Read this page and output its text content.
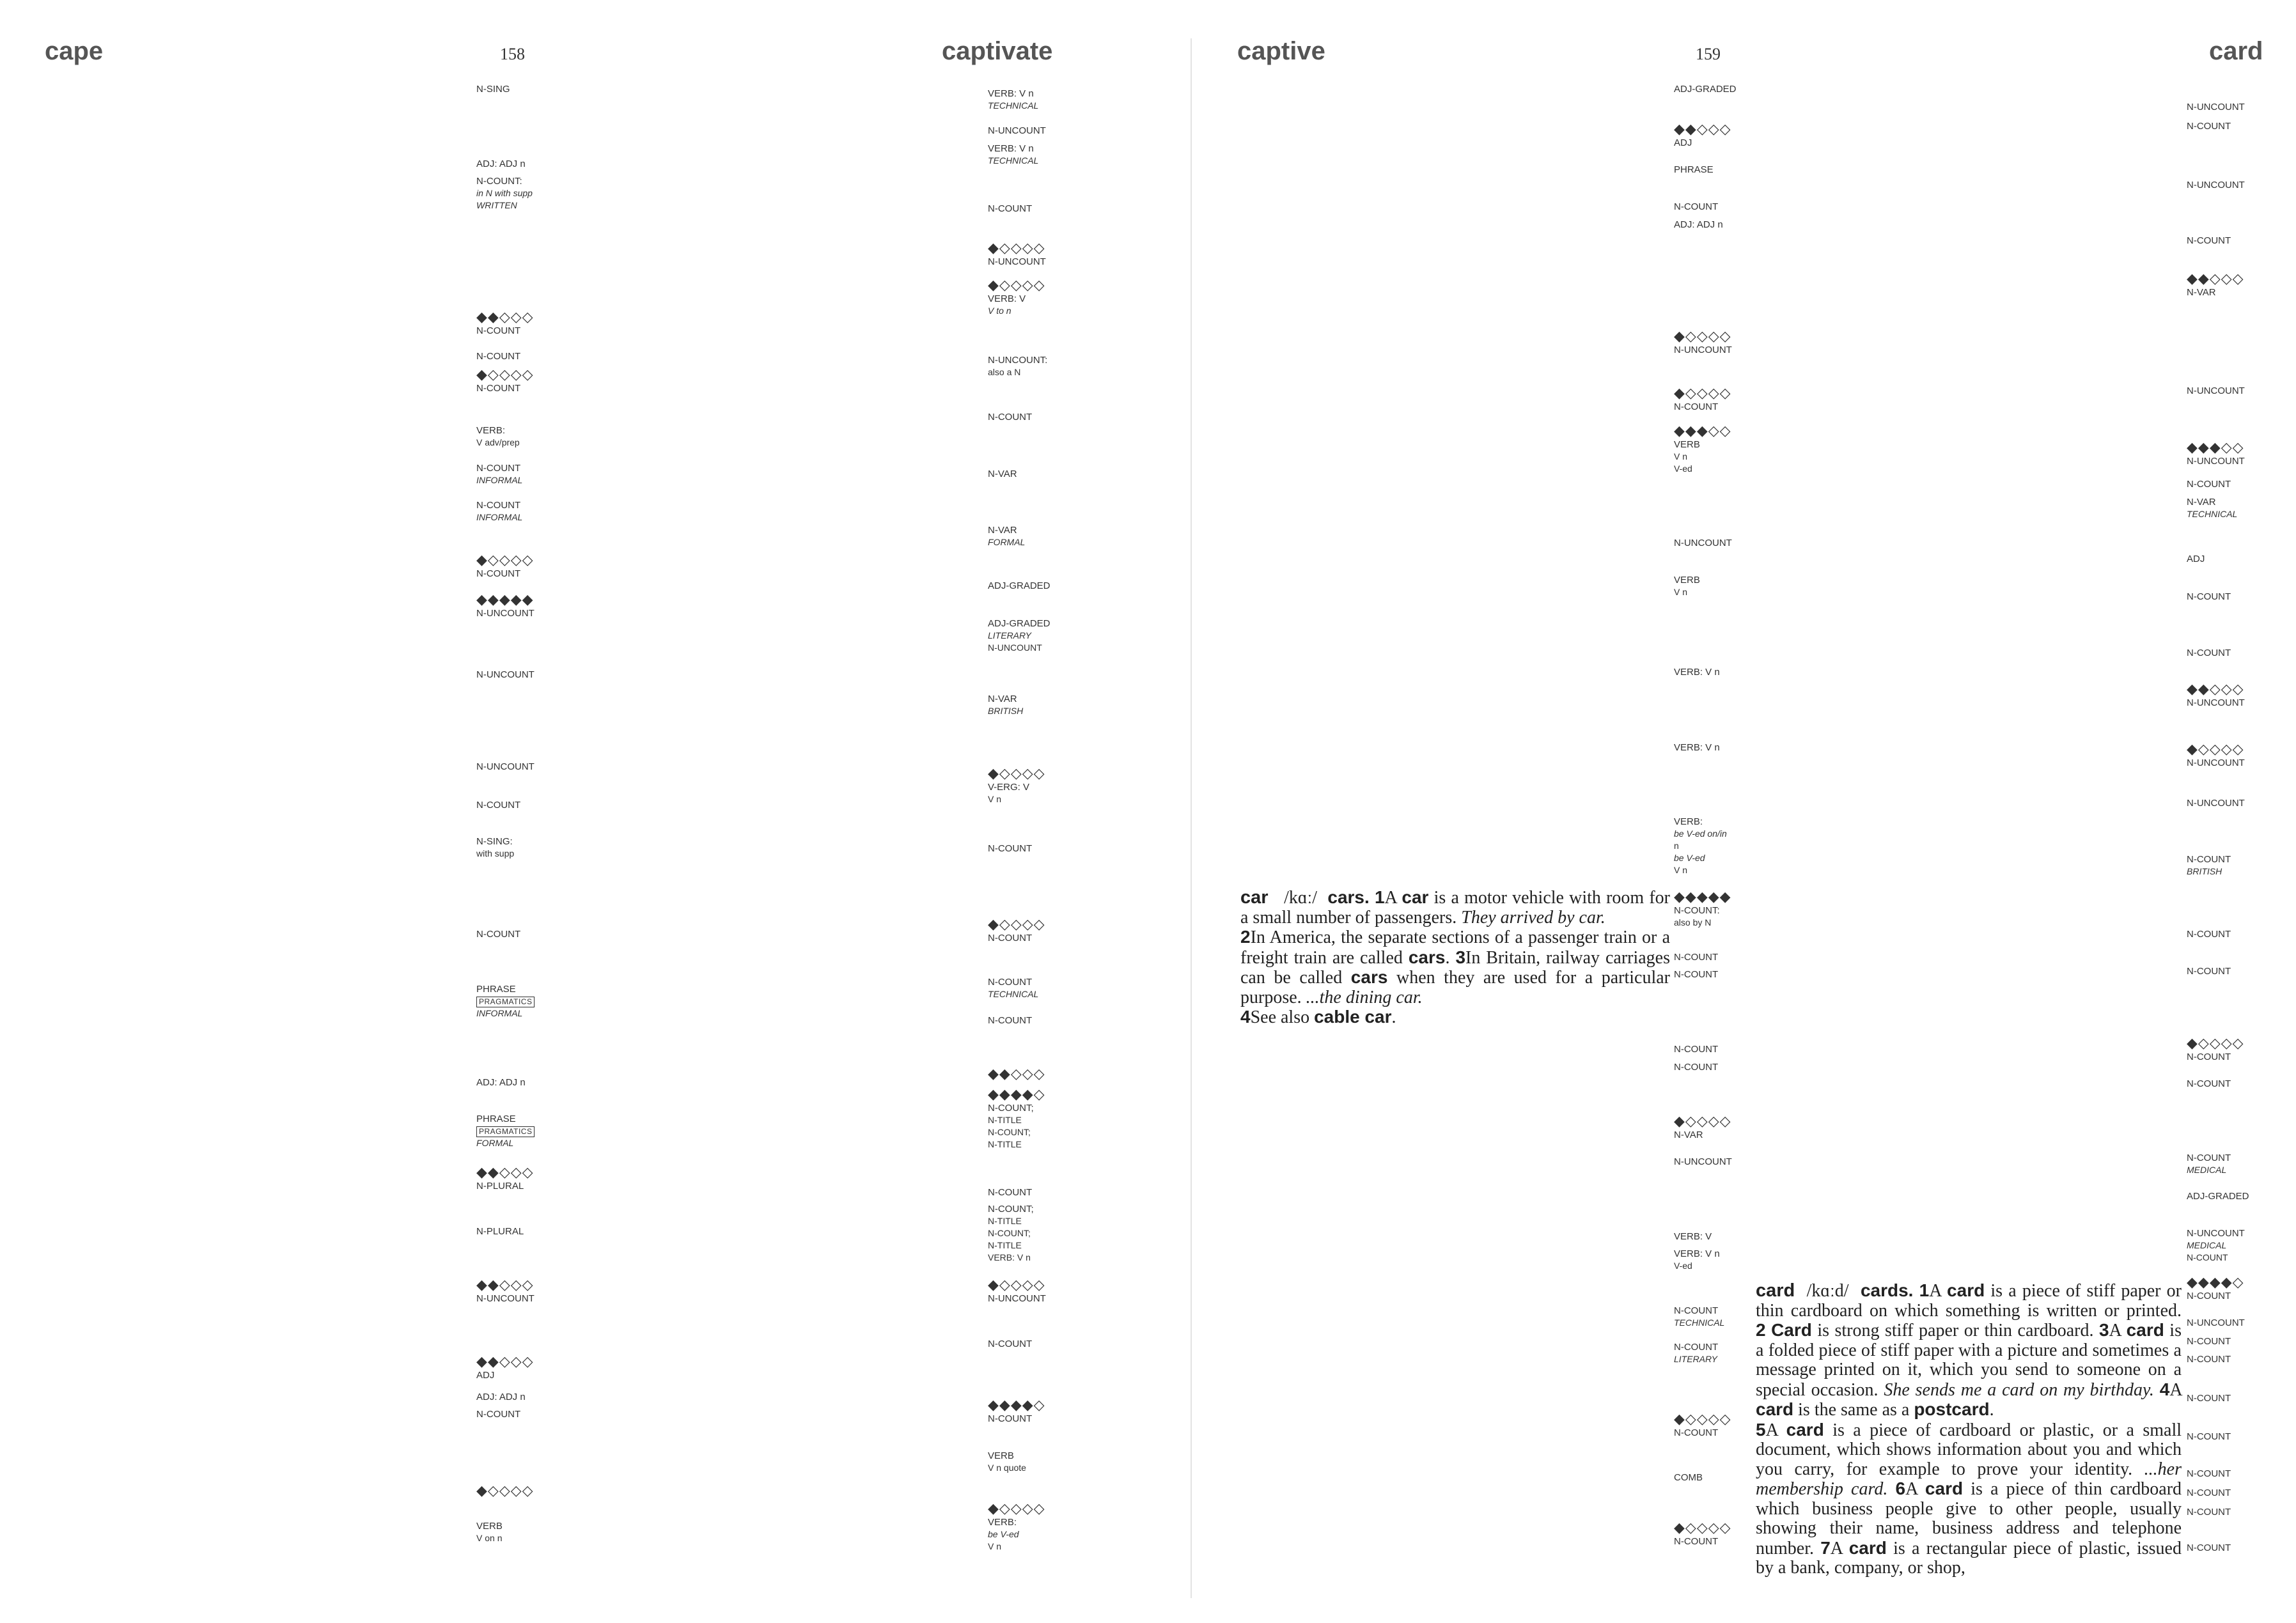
cape	158	captivate
N-SING
ADJ: ADJ n
N-COUNT:
in N with supp
WRITTEN
◆◆◇◇◇
N-COUNT
N-COUNT
◆◇◇◇◇
N-COUNT
VERB:
V adv/prep
N-COUNT
INFORMAL
N-COUNT
INFORMAL
◆◇◇◇◇
N-COUNT
◆◆◆◆◆
N-UNCOUNT
N-UNCOUNT
N-UNCOUNT
N-COUNT
N-SING:
with supp
N-COUNT
PHRASE
PRAGMATICS
INFORMAL
ADJ: ADJ n
PHRASE
PRAGMATICS
FORMAL
◆◆◇◇◇
N-PLURAL
N-PLURAL
◆◆◇◇◇
N-UNCOUNT
◆◆◇◇◇
ADJ
ADJ: ADJ n
N-COUNT
◆◇◇◇◇
VERB
V on n
VERB: V n
TECHNICAL
N-UNCOUNT
VERB: V n
TECHNICAL
N-COUNT
◆◇◇◇◇
N-UNCOUNT
◆◇◇◇◇
VERB: V
V to n
N-UNCOUNT:
also a N
N-COUNT
N-VAR
N-VAR
FORMAL
ADJ-GRADED
ADJ-GRADED
LITERARY
N-UNCOUNT
N-VAR
BRITISH
◆◇◇◇◇
V-ERG: V
V n
N-COUNT
◆◇◇◇◇
N-COUNT
N-COUNT
TECHNICAL
N-COUNT
◆◆◇◇◇
◆◆◆◆◇
N-COUNT;
N-TITLE
N-COUNT;
N-TITLE
N-COUNT
N-COUNT;
N-TITLE
N-COUNT;
N-TITLE
VERB: V n
◆◇◇◇◇
N-UNCOUNT
N-COUNT
◆◆◆◆◇
N-COUNT
VERB
V n quote
◆◇◇◇◇
VERB:
be V-ed
V n
captive	159	card
ADJ-GRADED
◆◆◇◇◇
ADJ
PHRASE
N-COUNT
ADJ: ADJ n
◆◇◇◇◇
N-UNCOUNT
◆◇◇◇◇
N-COUNT
◆◆◆◇◇
VERB
V n
V-ed
N-UNCOUNT
VERB
V n
VERB: V n
VERB: V n
VERB:
be V-ed on/in
n
be V-ed
V n
◆◆◆◆◆
N-COUNT:
also by N
N-COUNT
N-COUNT
N-COUNT
N-COUNT
◆◇◇◇◇
N-VAR
N-UNCOUNT
VERB: V
VERB: V n
V-ed
N-COUNT
TECHNICAL
N-COUNT
LITERARY
◆◇◇◇◇
N-COUNT
COMB
◆◇◇◇◇
N-COUNT
N-UNCOUNT
N-COUNT
N-UNCOUNT
N-COUNT
◆◆◇◇◇
N-VAR
N-UNCOUNT
◆◆◆◇◇
N-UNCOUNT
N-COUNT
N-VAR
TECHNICAL
ADJ
N-COUNT
N-COUNT
◆◆◇◇◇
N-UNCOUNT
◆◇◇◇◇
N-UNCOUNT
N-UNCOUNT
N-COUNT
BRITISH
N-COUNT
N-COUNT
◆◇◇◇◇
N-COUNT
N-COUNT
N-COUNT
MEDICAL
ADJ-GRADED
N-UNCOUNT
MEDICAL
N-COUNT
◆◆◆◆◇
N-COUNT
N-UNCOUNT
N-COUNT
N-COUNT
N-COUNT
N-COUNT
N-COUNT
N-COUNT
N-COUNT
N-COUNT

car /kɑː/ cars. 1A car is a motor vehicle with room for a small number of passengers. They arrived by car.

2In America, the separate sections of a passenger train or a freight train are called cars. 3In Britain, railway carriages can be called cars when they are used for a particular purpose. ...the dining car.

4See also cable car.

card /kɑːd/ cards. 1A card is a piece of stiff paper or thin cardboard on which something is written or printed. 2 Card is strong stiff paper or thin cardboard. 3A card is a folded piece of stiff paper with a picture and sometimes a message printed on it, which you send to someone on a special occasion. She sends me a card on my birthday. 4A card is the same as a postcard.

5A card is a piece of cardboard or plastic, or a small document, which shows information about you and which you carry, for example to prove your identity. ...her membership card. 6A card is a piece of thin cardboard which business people give to other people, usually showing their name, business address and telephone number. 7A card is a rectangular piece of plastic, issued by a bank, company, or shop,
